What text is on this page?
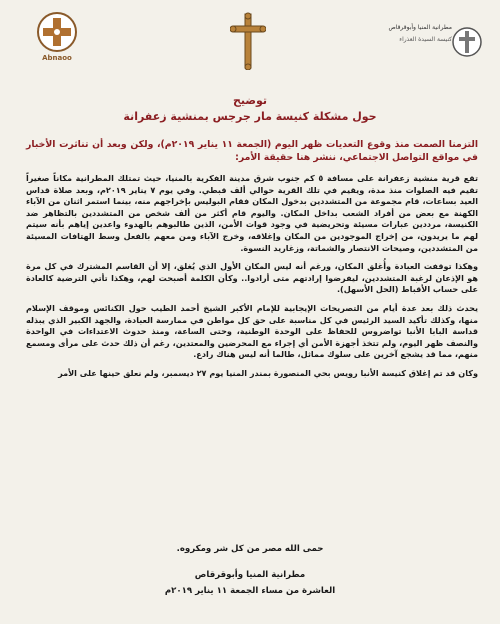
Abnaoo
مطرانية المنيا وأبوقرقاص
كنيسة السيدة العذراء
توضيح
حول مشكلة كنيسة مار جرجس بمنشية زعفرانة

التزمنا الصمت منذ وقوع التعديات ظهر اليوم (الجمعة ١١ يناير ٢٠١٩م)، ولكن وبعد أن تناثرت الأخبار في مواقع التواصل الاجتماعي، ننشر هنا حقيقة الأمر:

تقع قرية منشية زعفرانة على مسافة ٥ كم جنوب شرق مدينة الفكرية بالمنيا، حيث تمتلك المطرانية مكاناً صغيراً تقيم فيه الصلوات منذ مدة، ويقيم في تلك القرية حوالي ألف قبطي. وفي يوم ٧ يناير ٢٠١٩م، وبعد صلاة قداس العيد بساعات، قام مجموعة من المتشددين بدخول المكان فقام البوليس بإخراجهم منه، بينما استمر اثنان من الآباء الكهنة مع بعض من أفراد الشعب بداخل المكان. واليوم قام أكثر من ألف شخص من المتشددين بالتظاهر ضد الكنيسة، مرددين عبارات مسيئة وتحريضية في وجود قوات الأمن، الذين طالبوهم بالهدوء واعدين إياهم بأنه سيتم لهم ما يريدون، من إخراج الموجودين من المكان وإغلاقه، وخرج الآباء ومن معهم بالفعل وسط الهتافات المسيئة من المتشددين، وصيحات الانتصار والشماتة، وزغاريد النسوة.

وهكذا توقفت العبادة وأُغلق المكان، ورغم أنه ليس المكان الأول الذي يُغلق، إلا أن القاسم المشترك في كل مرة هو الإذعان لرغبة المتشددين، ليفرضوا إرادتهم متى أرادوا.. وكأن الكلمة أصبحت لهم، وهكذا تأتي الترضية كالعادة على حساب الأقباط (الحل الأسهل).

يحدث ذلك بعد عدة أيام من التصريحات الإيجابية للإمام الأكبر الشيخ أحمد الطيب حول الكنائس وموقف الإسلام منها، وكذلك تأكيد السيد الرئيس في كل مناسبة على حق كل مواطن في ممارسة العبادة، والجهد الكبير الذي يبذله قداسة البابا الأنبا تواضروس للحفاظ على الوحدة الوطنية، وحتى الساعة، ومنذ حدوث الاعتداءات في الواحدة والنصف ظهر اليوم، ولم تتخذ أجهزة الأمن أي إجراء مع المحرضين والمعتدين، رغم أن ذلك حدث على مرأى ومسمع منهم، مما قد يشجع آخرين على سلوك مماثل، طالما أنه ليس هناك رادع.

وكان قد تم إغلاق كنيسة الأنبا رويس بحي المنصورة بمندر المنيا يوم ٢٧ ديسمبر، ولم نعلق حينها على الأمر

حمى الله مصر من كل شر ومكروه.
مطرانية المنيا وأبوقرقاص
العاشرة من مساء الجمعة ١١ يناير ٢٠١٩م
